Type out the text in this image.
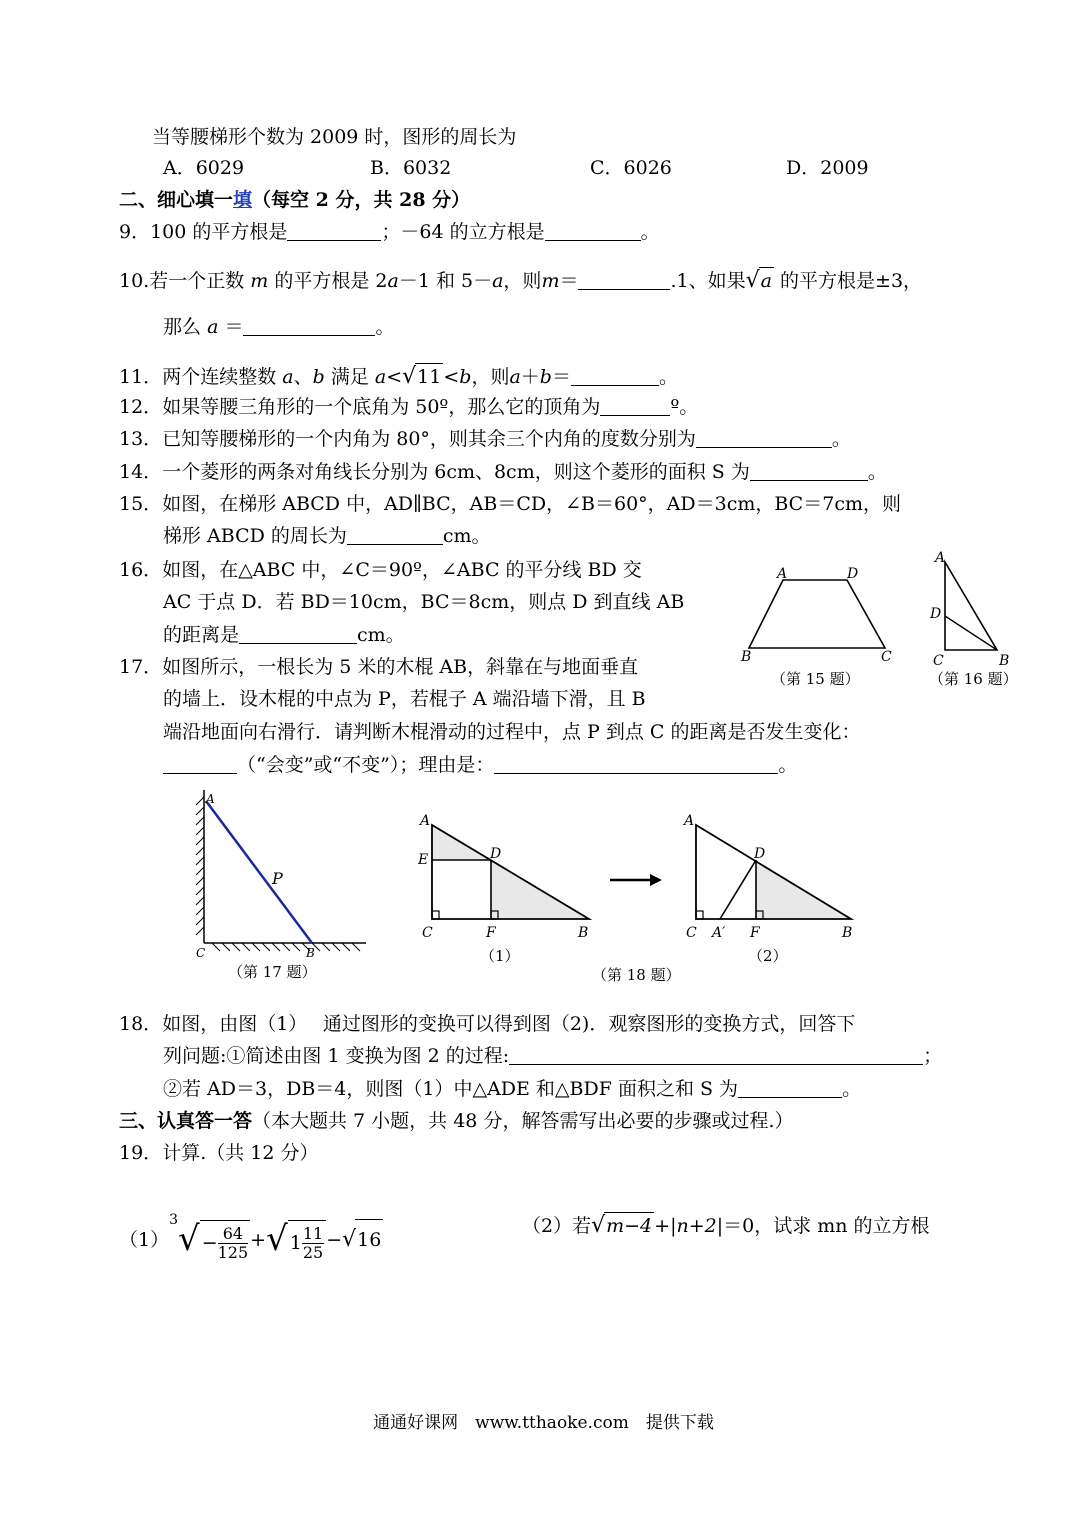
当等腰梯形个数为 2009 时，图形的周长为
A．6029	B．6032	C．6026	D．2009
二、细心填一填（每空 2 分，共 28 分）
9．100 的平方根是	；－64 的立方根是	。
10.若一个正数 m 的平方根是 2a－1 和 5－a，则m＝	.1、如果√a 的平方根是±3，
那么 a ＝	。
11．两个连续整数 a、b 满足 a<√11 <b，则a＋b＝	。
12．如果等腰三角形的一个底角为 50º，那么它的顶角为	º。
13．已知等腰梯形的一个内角为 80°，则其余三个内角的度数分别为	。
14．一个菱形的两条对角线长分别为 6cm、8cm，则这个菱形的面积 S 为	。
15．如图，在梯形 ABCD 中，AD∥BC，AB＝CD，∠B＝60°，AD＝3cm，BC＝7cm，则
梯形 ABCD 的周长为	cm。
16．如图，在△ABC 中，∠C＝90º，∠ABC 的平分线 BD 交
AC 于点 D．若 BD＝10cm，BC＝8cm，则点 D 到直线 AB
的距离是	cm。
A	D
B	C
（第 15 题）
A
D
C	B
（第 16 题）
17．如图所示，一根长为 5 米的木棍 AB，斜靠在与地面垂直
的墙上．设木棍的中点为 P，若棍子 A 端沿墙下滑，且 B
端沿地面向右滑行．请判断木棍滑动的过程中，点 P 到点 C 的距离是否发生变化：
（“会变”或“不变”）；理由是：	。
A
P
C	B
（第 17 题）
A
E	D
C	F	B
（1）
A
D
C A′ F	B
（2）
（第 18 题）
18．如图，由图（1）　 通过图形的变换可以得到图（2)．观察图形的变换方式，回答下
列问题:①简述由图 1 变换为图 2 的过程:	；
②若 AD＝3，DB＝4，则图（1）中△ADE 和△BDF 面积之和 S 为	。
三、认真答一答（本大题共 7 小题，共 48 分，解答需写出必要的步骤或过程.）
19．计算.（共 12 分）
$(1)^3√ - \frac{64}{125}$ +√ $1 \frac{11}{25} -√16$
（2）若√m−4 +|n+2|＝0，试求 mn 的立方根
通通好课网　www.tthaoke.com　提供下载
